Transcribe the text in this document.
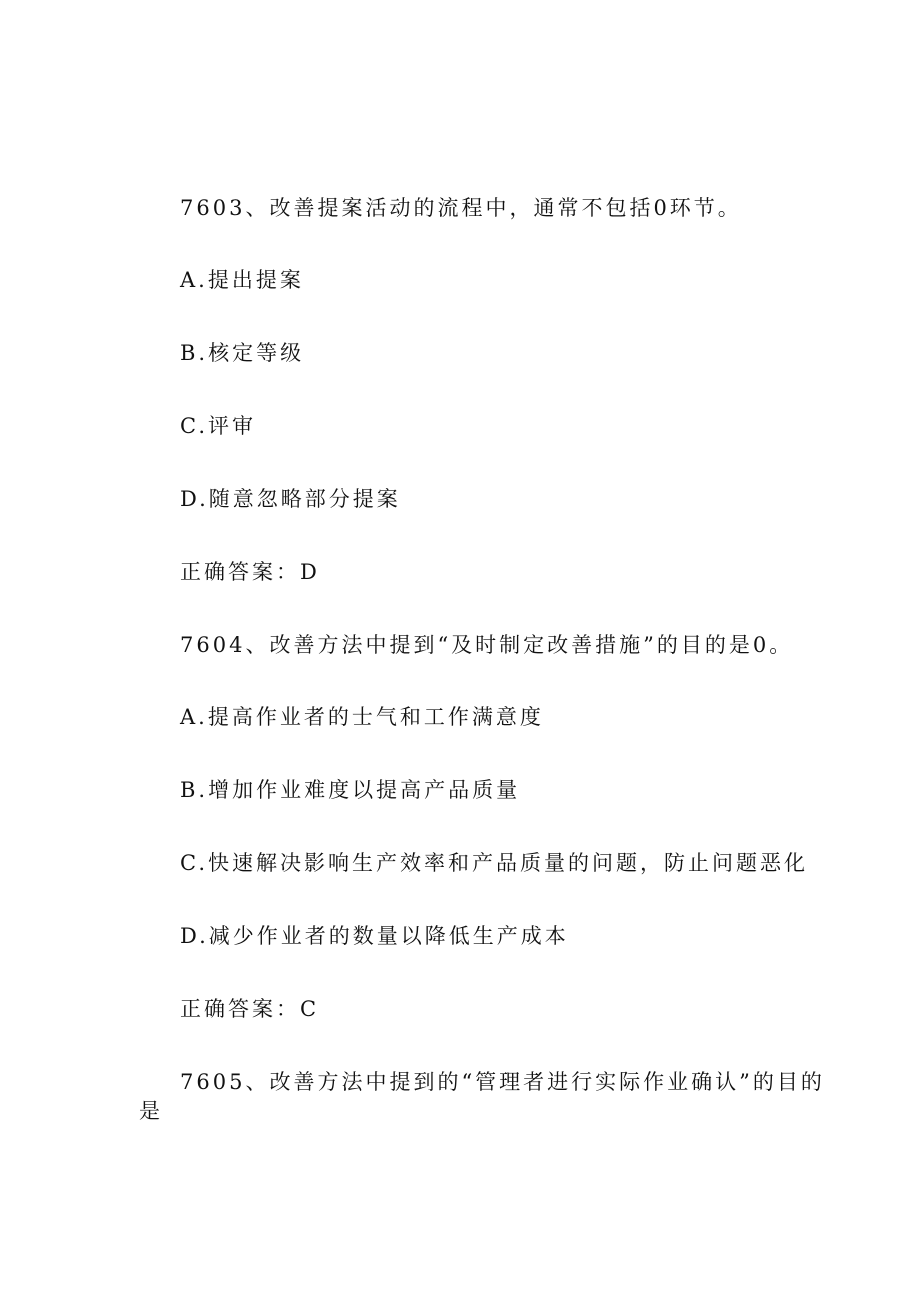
7603、改善提案活动的流程中，通常不包括0环节。
A.提出提案
B.核定等级
C.评审
D.随意忽略部分提案
正确答案：D
7604、改善方法中提到“及时制定改善措施”的目的是0。
A.提高作业者的士气和工作满意度
B.增加作业难度以提高产品质量
C.快速解决影响生产效率和产品质量的问题，防止问题恶化
D.减少作业者的数量以降低生产成本
正确答案：C
7605、改善方法中提到的“管理者进行实际作业确认”的目的
是
